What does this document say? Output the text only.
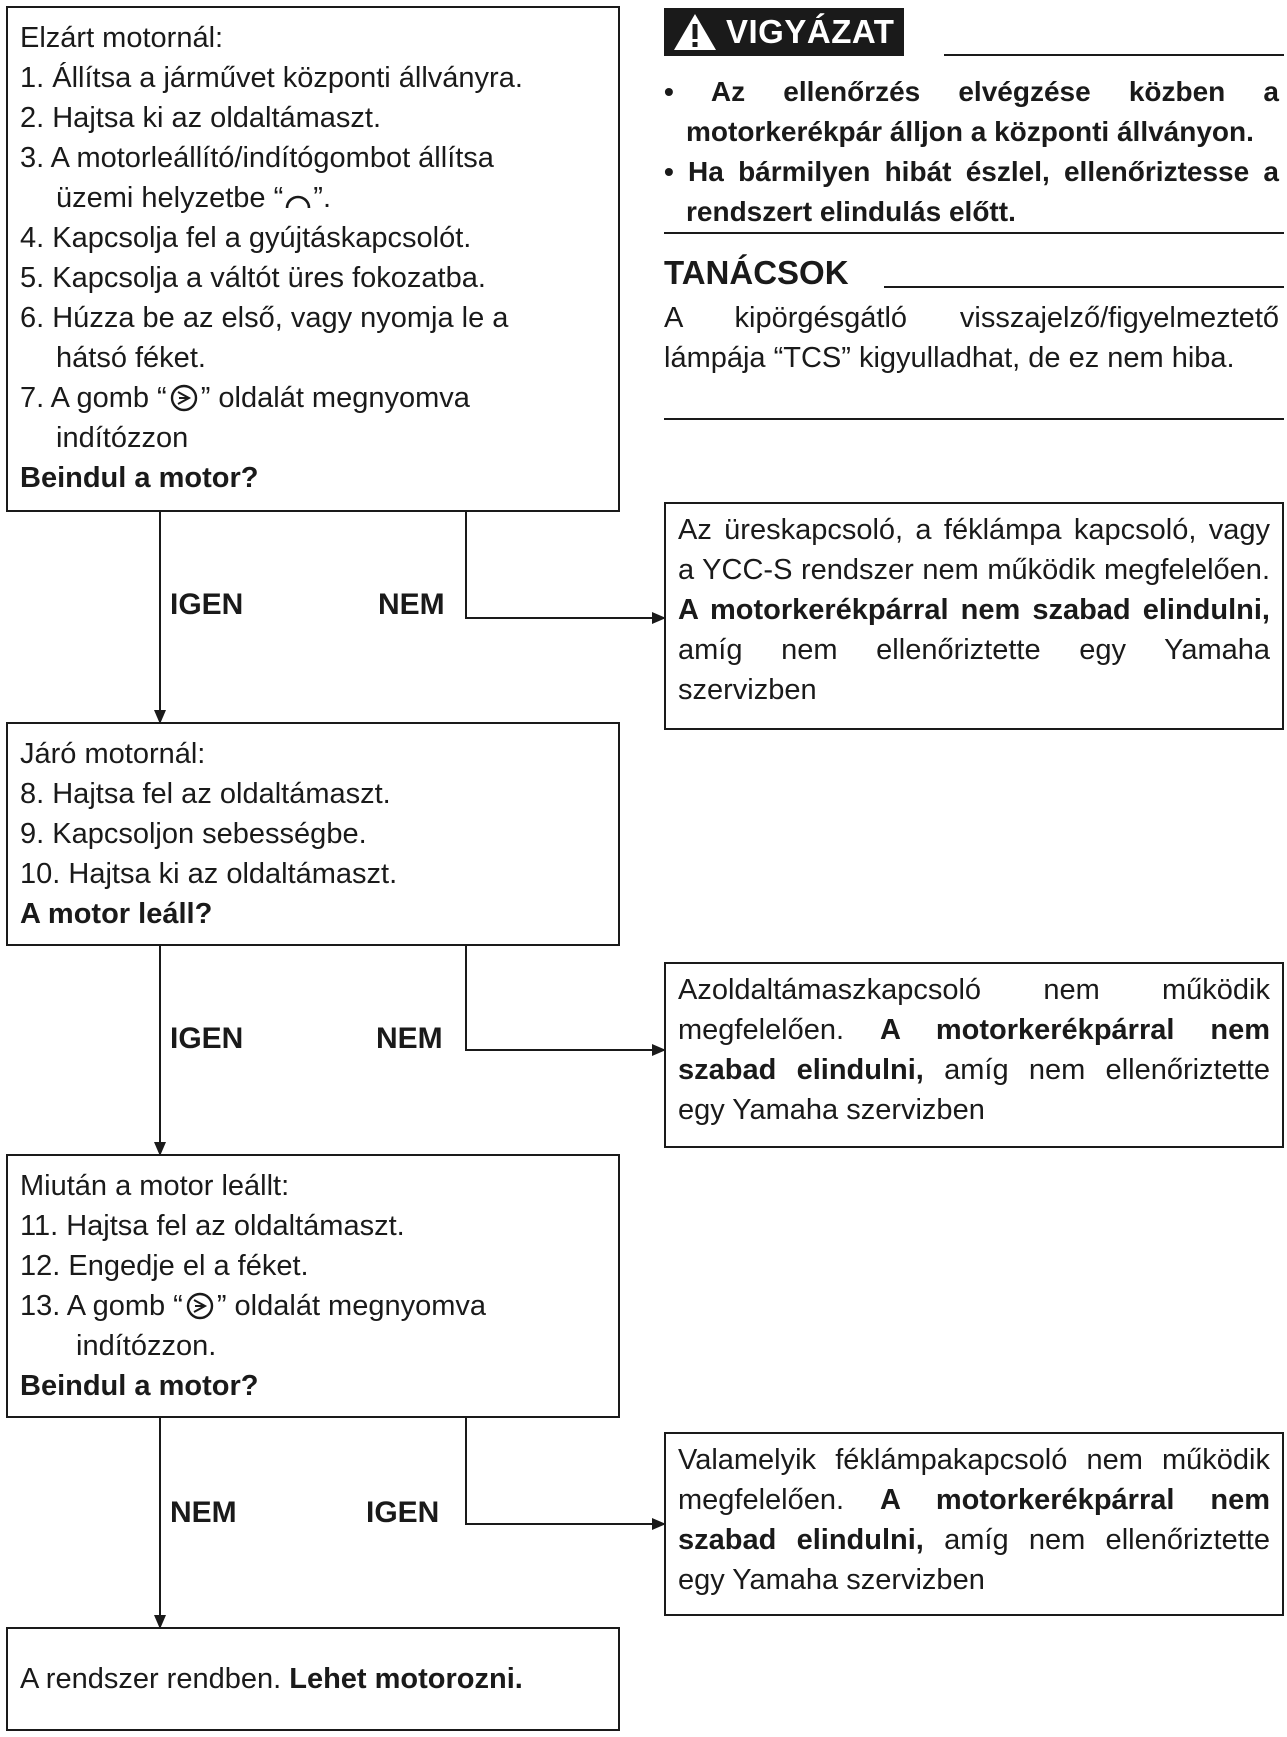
VIGYÁZAT

• Az ellenőrzés elvégzése közben a motorkerékpár álljon a központi állványon.

• Ha bármilyen hibát észlel, ellenőriztesse a rendszert elindulás előtt.

TANÁCSOK
A kipörgésgátló visszajelző/figyelmeztető lámpája “TCS” kigyulladhat, de ez nem hiba.

Elzárt motornál:

1. Állítsa a járművet központi állványra.

2. Hajtsa ki az oldaltámaszt.

3. A motorleállító/indítógombot állítsa

üzemi helyzetbe “ ”.

4. Kapcsolja fel a gyújtáskapcsolót.

5. Kapcsolja a váltót üres fokozatba.

6. Húzza be az első, vagy nyomja le a

hátsó féket.

7. A gomb “ ” oldalát megnyomva

indítózzon

Beindul a motor?

IGEN	NEM
Az üreskapcsoló, a féklámpa kapcsoló, vagy a YCC-S rendszer nem működik megfelelően. A motorkerékpárral nem szabad elindulni, amíg nem ellenőriztette egy Yamaha szervizben

Járó motornál:

8. Hajtsa fel az oldaltámaszt.

9. Kapcsoljon sebességbe.

10. Hajtsa ki az oldaltámaszt.

A motor leáll?

IGEN	NEM
Azoldaltámaszkapcsoló nem működik megfelelően. A motorkerékpárral nem szabad elindulni, amíg nem ellenőriztette egy Yamaha szervizben

Miután a motor leállt:

11. Hajtsa fel az oldaltámaszt.

12. Engedje el a féket.

13. A gomb “ ” oldalát megnyomva

indítózzon.

Beindul a motor?

NEM	IGEN
Valamelyik féklámpakapcsoló nem működik megfelelően. A motorkerékpárral nem szabad elindulni, amíg nem ellenőriztette egy Yamaha szervizben

A rendszer rendben. Lehet motorozni.
